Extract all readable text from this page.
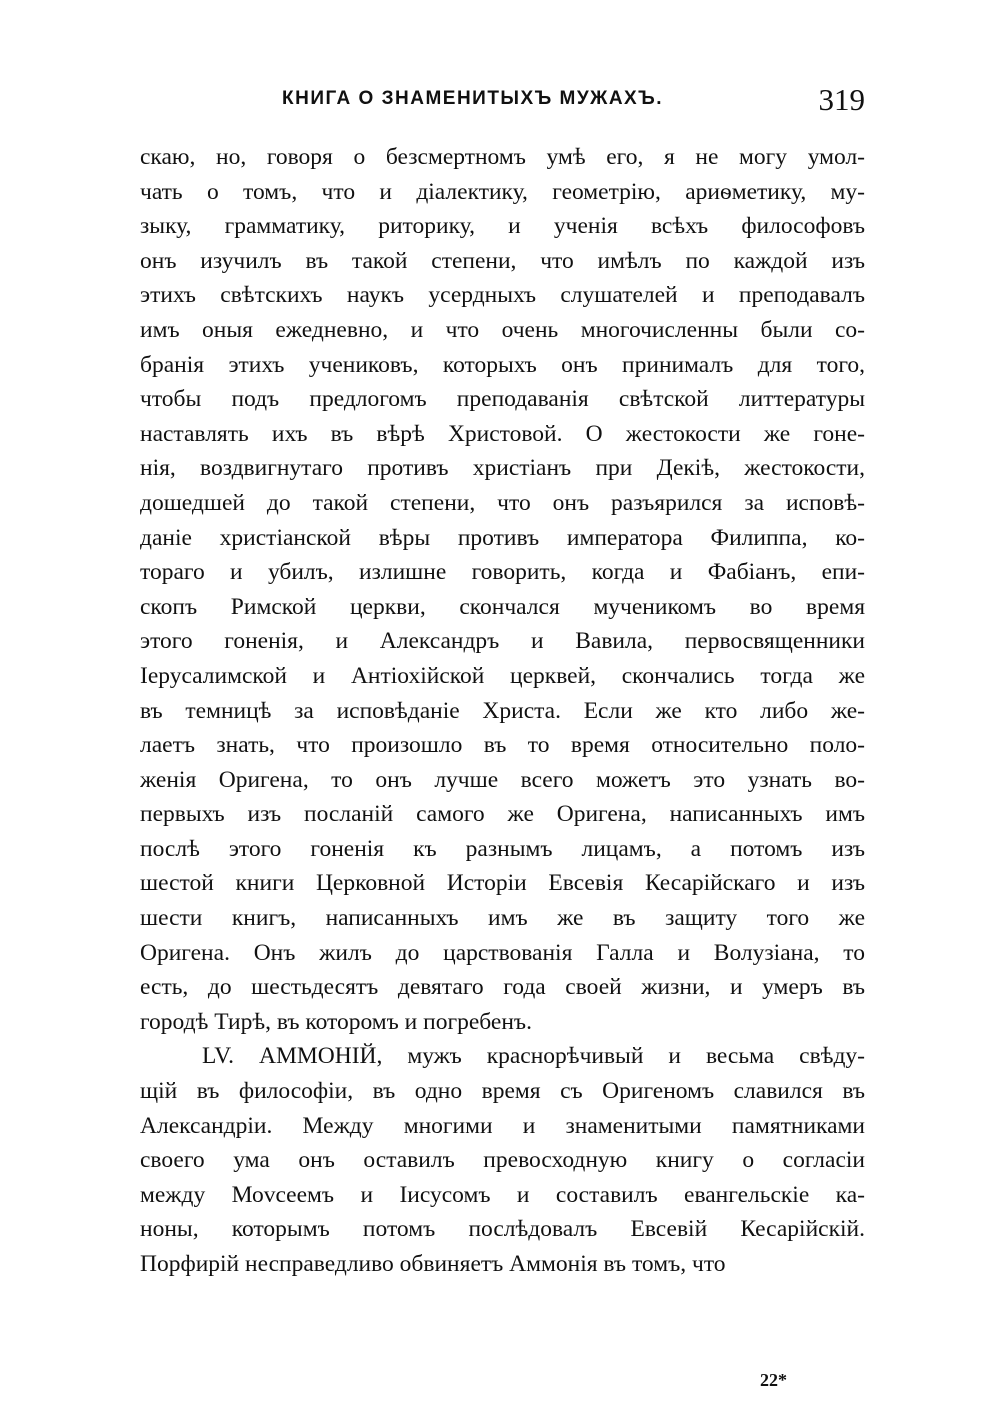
КНИГА О ЗНАМЕНИТЫХЪ МУЖАХЪ.	319
скаю, но, говоря о безсмертномъ умѣ его, я не могу умол-
чать о томъ, что и діалектику, геометрію, ариѳметику, му-
зыку, грамматику, риторику, и ученія всѣхъ философовъ
онъ изучилъ въ такой степени, что имѣлъ по каждой изъ
этихъ свѣтскихъ наукъ усердныхъ слушателей и преподавалъ
имъ оныя ежедневно, и что очень многочисленны были со-
бранія этихъ учениковъ, которыхъ онъ принималъ для того,
чтобы подъ предлогомъ преподаванія свѣтской литтературы
наставлять ихъ въ вѣрѣ Христовой. О жестокости же гоне-
нія, воздвигнутаго противъ христіанъ при Декіѣ, жестокости,
дошедшей до такой степени, что онъ разъярился за исповѣ-
даніе христіанской вѣры противъ императора Филиппа, ко-
тораго и убилъ, излишне говорить, когда и Фабіанъ, епи-
скопъ Римской церкви, скончался мученикомъ во время
этого гоненія, и Александръ и Вавила, первосвященники
Іерусалимской и Антіохійской церквей, скончались тогда же
въ темницѣ за исповѣданіе Христа. Если же кто либо же-
лаетъ знать, что произошло въ то время относительно поло-
женія Оригена, то онъ лучше всего можетъ это узнать во-
первыхъ изъ посланій самого же Оригена, написанныхъ имъ
послѣ этого гоненія къ разнымъ лицамъ, а потомъ изъ
шестой книги Церковной Исторіи Евсевія Кесарійскаго и изъ
шести книгъ, написанныхъ имъ же въ защиту того же
Оригена. Онъ жилъ до царствованія Галла и Волузіана, то
есть, до шестьдесятъ девятаго года своей жизни, и умеръ въ
городѣ Тирѣ, въ которомъ и погребенъ.
LV. АММОНІЙ, мужъ краснорѣчивый и весьма свѣду-
щій въ философіи, въ одно время съ Оригеномъ славился въ
Александріи. Между многими и знаменитыми памятниками
своего ума онъ оставилъ превосходную книгу о согласіи
между Моvсеемъ и Іисусомъ и составилъ евангельскіе ка-
ноны, которымъ потомъ послѣдовалъ Евсевій Кесарійскій.
Порфирій несправедливо обвиняетъ Аммонія въ томъ, что
22*
